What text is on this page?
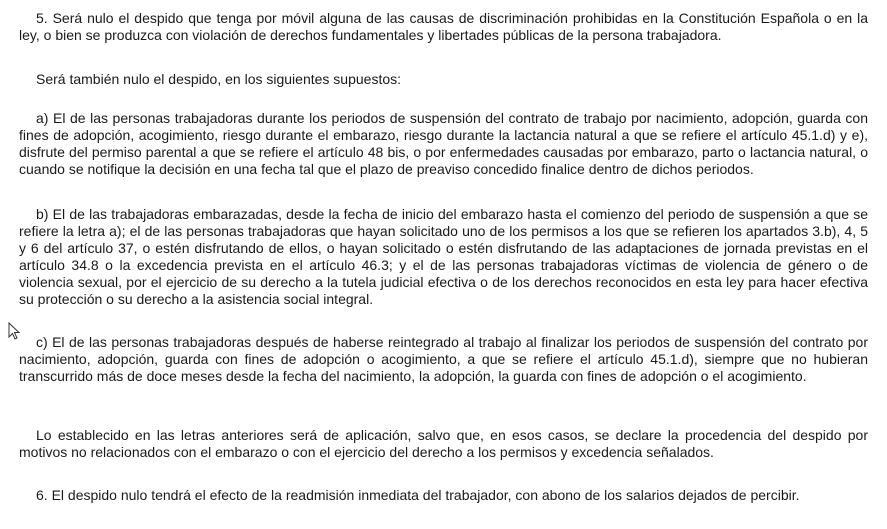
5. Será nulo el despido que tenga por móvil alguna de las causas de discriminación prohibidas en la Constitución Española o en la ley, o bien se produzca con violación de derechos fundamentales y libertades públicas de la persona trabajadora.

Será también nulo el despido, en los siguientes supuestos:

a) El de las personas trabajadoras durante los periodos de suspensión del contrato de trabajo por nacimiento, adopción, guarda con fines de adopción, acogimiento, riesgo durante el embarazo, riesgo durante la lactancia natural a que se refiere el artículo 45.1.d) y e), disfrute del permiso parental a que se refiere el artículo 48 bis, o por enfermedades causadas por embarazo, parto o lactancia natural, o cuando se notifique la decisión en una fecha tal que el plazo de preaviso concedido finalice dentro de dichos periodos.

b) El de las trabajadoras embarazadas, desde la fecha de inicio del embarazo hasta el comienzo del periodo de suspensión a que se refiere la letra a); el de las personas trabajadoras que hayan solicitado uno de los permisos a los que se refieren los apartados 3.b), 4, 5 y 6 del artículo 37, o estén disfrutando de ellos, o hayan solicitado o estén disfrutando de las adaptaciones de jornada previstas en el artículo 34.8 o la excedencia prevista en el artículo 46.3; y el de las personas trabajadoras víctimas de violencia de género o de violencia sexual, por el ejercicio de su derecho a la tutela judicial efectiva o de los derechos reconocidos en esta ley para hacer efectiva su protección o su derecho a la asistencia social integral.

c) El de las personas trabajadoras después de haberse reintegrado al trabajo al finalizar los periodos de suspensión del contrato por nacimiento, adopción, guarda con fines de adopción o acogimiento, a que se refiere el artículo 45.1.d), siempre que no hubieran transcurrido más de doce meses desde la fecha del nacimiento, la adopción, la guarda con fines de adopción o el acogimiento.

Lo establecido en las letras anteriores será de aplicación, salvo que, en esos casos, se declare la procedencia del despido por motivos no relacionados con el embarazo o con el ejercicio del derecho a los permisos y excedencia señalados.

6. El despido nulo tendrá el efecto de la readmisión inmediata del trabajador, con abono de los salarios dejados de percibir.
